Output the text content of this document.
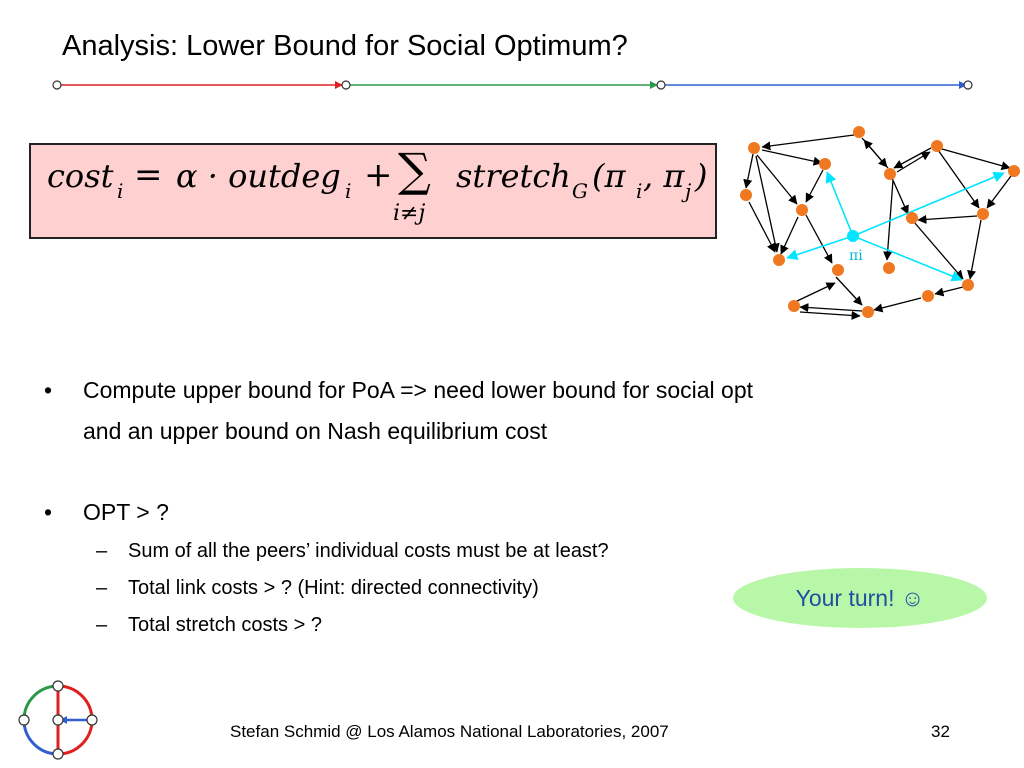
Analysis: Lower Bound for Social Optimum?
cost i = α · outdeg i + ∑
i≠j
stretch G (π i , π j )
πi
• Compute upper bound for PoA => need lower bound for social opt
and an upper bound on Nash equilibrium cost
• OPT > ?
– Sum of all the peers’ individual costs must be at least?
– Total link costs > ? (Hint: directed connectivity)
– Total stretch costs > ?
Your turn! ☺
Stefan Schmid @ Los Alamos National Laboratories, 2007	32
